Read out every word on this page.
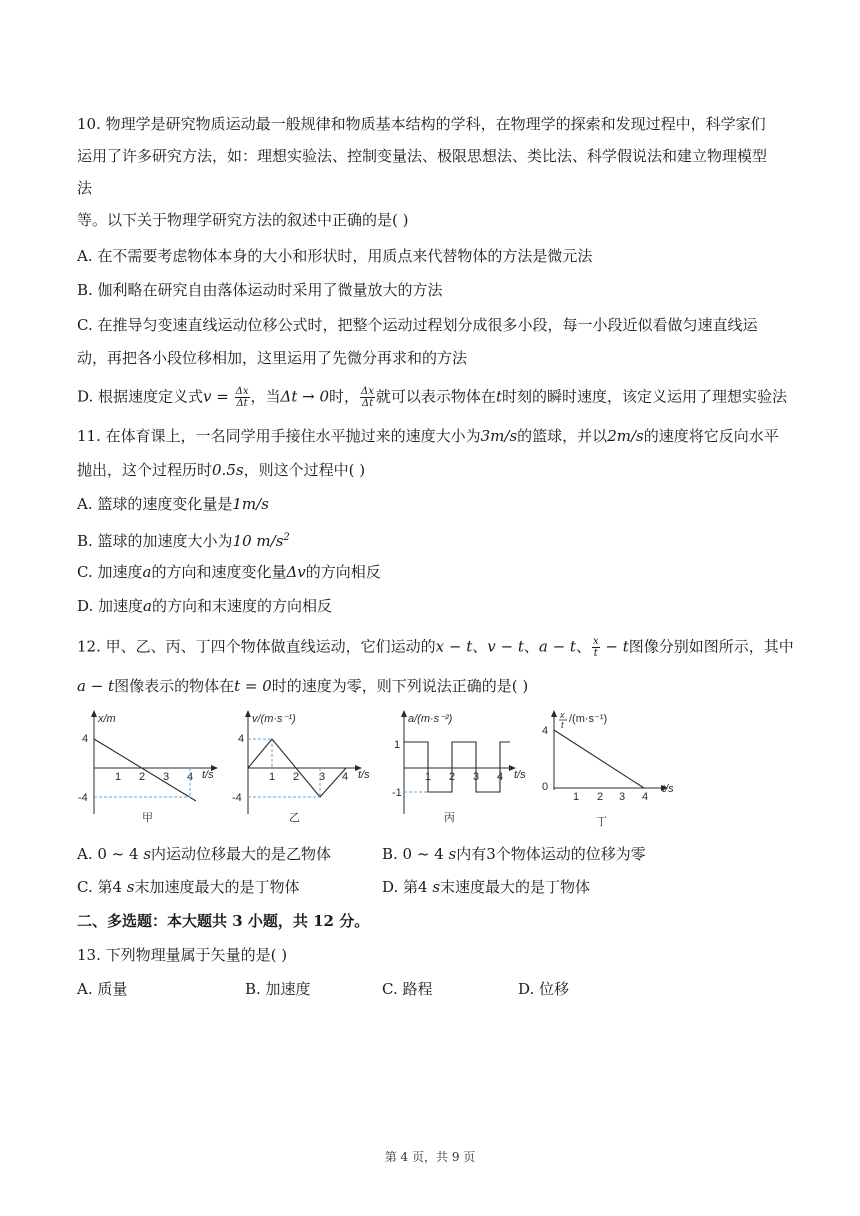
10. 物理学是研究物质运动最一般规律和物质基本结构的学科，在物理学的探索和发现过程中，科学家们
运用了许多研究方法，如：理想实验法、控制变量法、极限思想法、类比法、科学假说法和建立物理模型
法
等。以下关于物理学研究方法的叙述中正确的是( )
A. 在不需要考虑物体本身的大小和形状时，用质点来代替物体的方法是微元法
B. 伽利略在研究自由落体运动时采用了微量放大的方法
C. 在推导匀变速直线运动位移公式时，把整个运动过程划分成很多小段，每一小段近似看做匀速直线运
动，再把各小段位移相加，这里运用了先微分再求和的方法
D. 根据速度定义式$v = \frac{\Delta x}{\Delta t}$ ，当Δt → 0时， $\frac{\Delta x}{\Delta t}$ 就可以表示物体在t时刻的瞬时速度，该定义运用了理想实验法
11. 在体育课上，一名同学用手接住水平抛过来的速度大小为3m/s的篮球，并以2m/s的速度将它反向水平
抛出，这个过程历时0.5s，则这个过程中( )
A. 篮球的速度变化量是1m/s
B. 篮球的加速度大小为10 $m/s^2$
C. 加速度a的方向和速度变化量Δv的方向相反
D. 加速度a的方向和末速度的方向相反
12. 甲、乙、丙、丁四个物体做直线运动，它们运动的x − t、v − t、a − t、 $\frac{x}{t} - t$图像分别如图所示，其中
a − t图像表示的物体在t = 0时的速度为零，则下列说法正确的是( )
x/m
t/s
4
-4
1 2 3 4
甲
v/(m·s⁻¹)
t/s
4
-4
1 2 3 4
乙
a/(m·s⁻²)
t/s
1
-1
1 2 3 4
丙
x
t /(m·s⁻¹)
t/s
4
0
1 2 3 4
丁
A. 0 ~ 4 s内运动位移最大的是乙物体	B. 0 ~ 4 s内有3个物体运动的位移为零
C. 第4 s末加速度最大的是丁物体	D. 第4 s末速度最大的是丁物体
二、多选题：本大题共 3 小题，共 12 分。
13. 下列物理量属于矢量的是( )
A. 质量	B. 加速度	C. 路程	D. 位移
第 4 页，共 9 页
